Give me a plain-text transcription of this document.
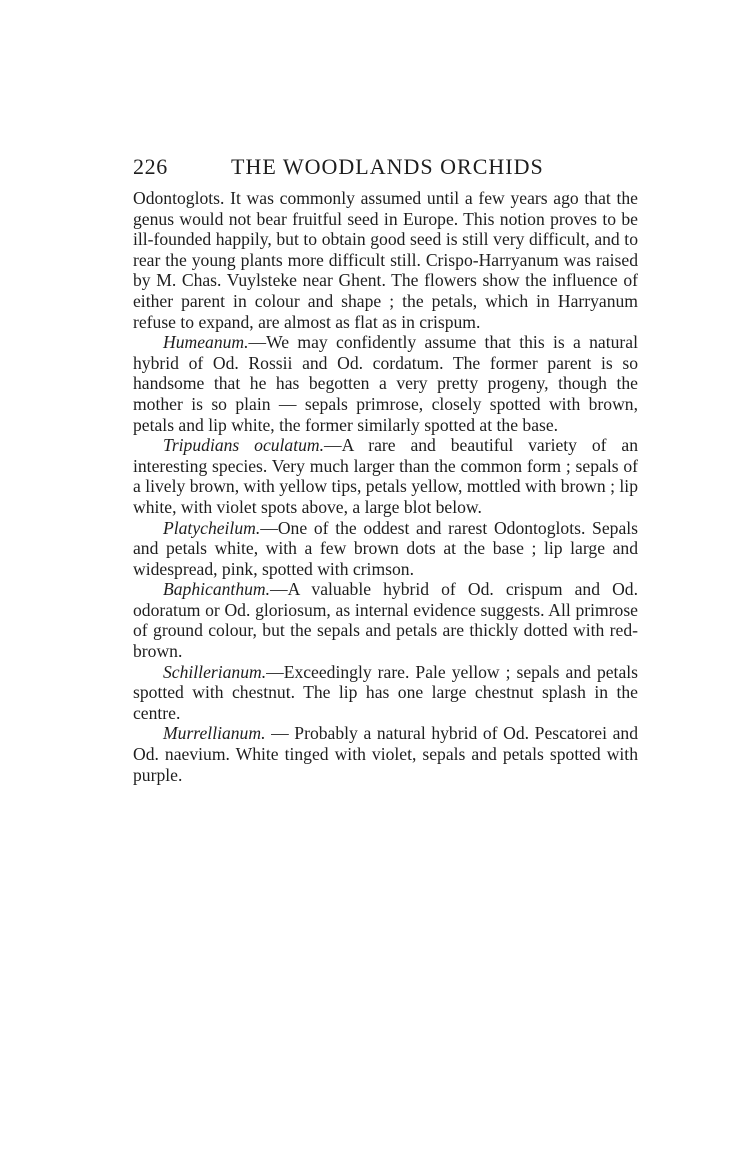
226	THE WOODLANDS ORCHIDS

Odontoglots. It was commonly assumed until a few years ago that the genus would not bear fruitful seed in Europe. This notion proves to be ill-founded happily, but to obtain good seed is still very difficult, and to rear the young plants more difficult still. Crispo-Harryanum was raised by M. Chas. Vuylsteke near Ghent. The flowers show the influence of either parent in colour and shape ; the petals, which in Harryanum refuse to expand, are almost as flat as in crispum.

Humeanum.—We may confidently assume that this is a natural hybrid of Od. Rossii and Od. cordatum. The former parent is so handsome that he has begotten a very pretty progeny, though the mother is so plain — sepals primrose, closely spotted with brown, petals and lip white, the former similarly spotted at the base.

Tripudians oculatum.—A rare and beautiful variety of an interesting species. Very much larger than the common form ; sepals of a lively brown, with yellow tips, petals yellow, mottled with brown ; lip white, with violet spots above, a large blot below.

Platycheilum.—One of the oddest and rarest Odontoglots. Sepals and petals white, with a few brown dots at the base ; lip large and widespread, pink, spotted with crimson.

Baphicanthum.—A valuable hybrid of Od. crispum and Od. odoratum or Od. gloriosum, as internal evidence suggests. All primrose of ground colour, but the sepals and petals are thickly dotted with red-brown.

Schillerianum.—Exceedingly rare. Pale yellow ; sepals and petals spotted with chestnut. The lip has one large chestnut splash in the centre.

Murrellianum. — Probably a natural hybrid of Od. Pescatorei and Od. naevium. White tinged with violet, sepals and petals spotted with purple.
